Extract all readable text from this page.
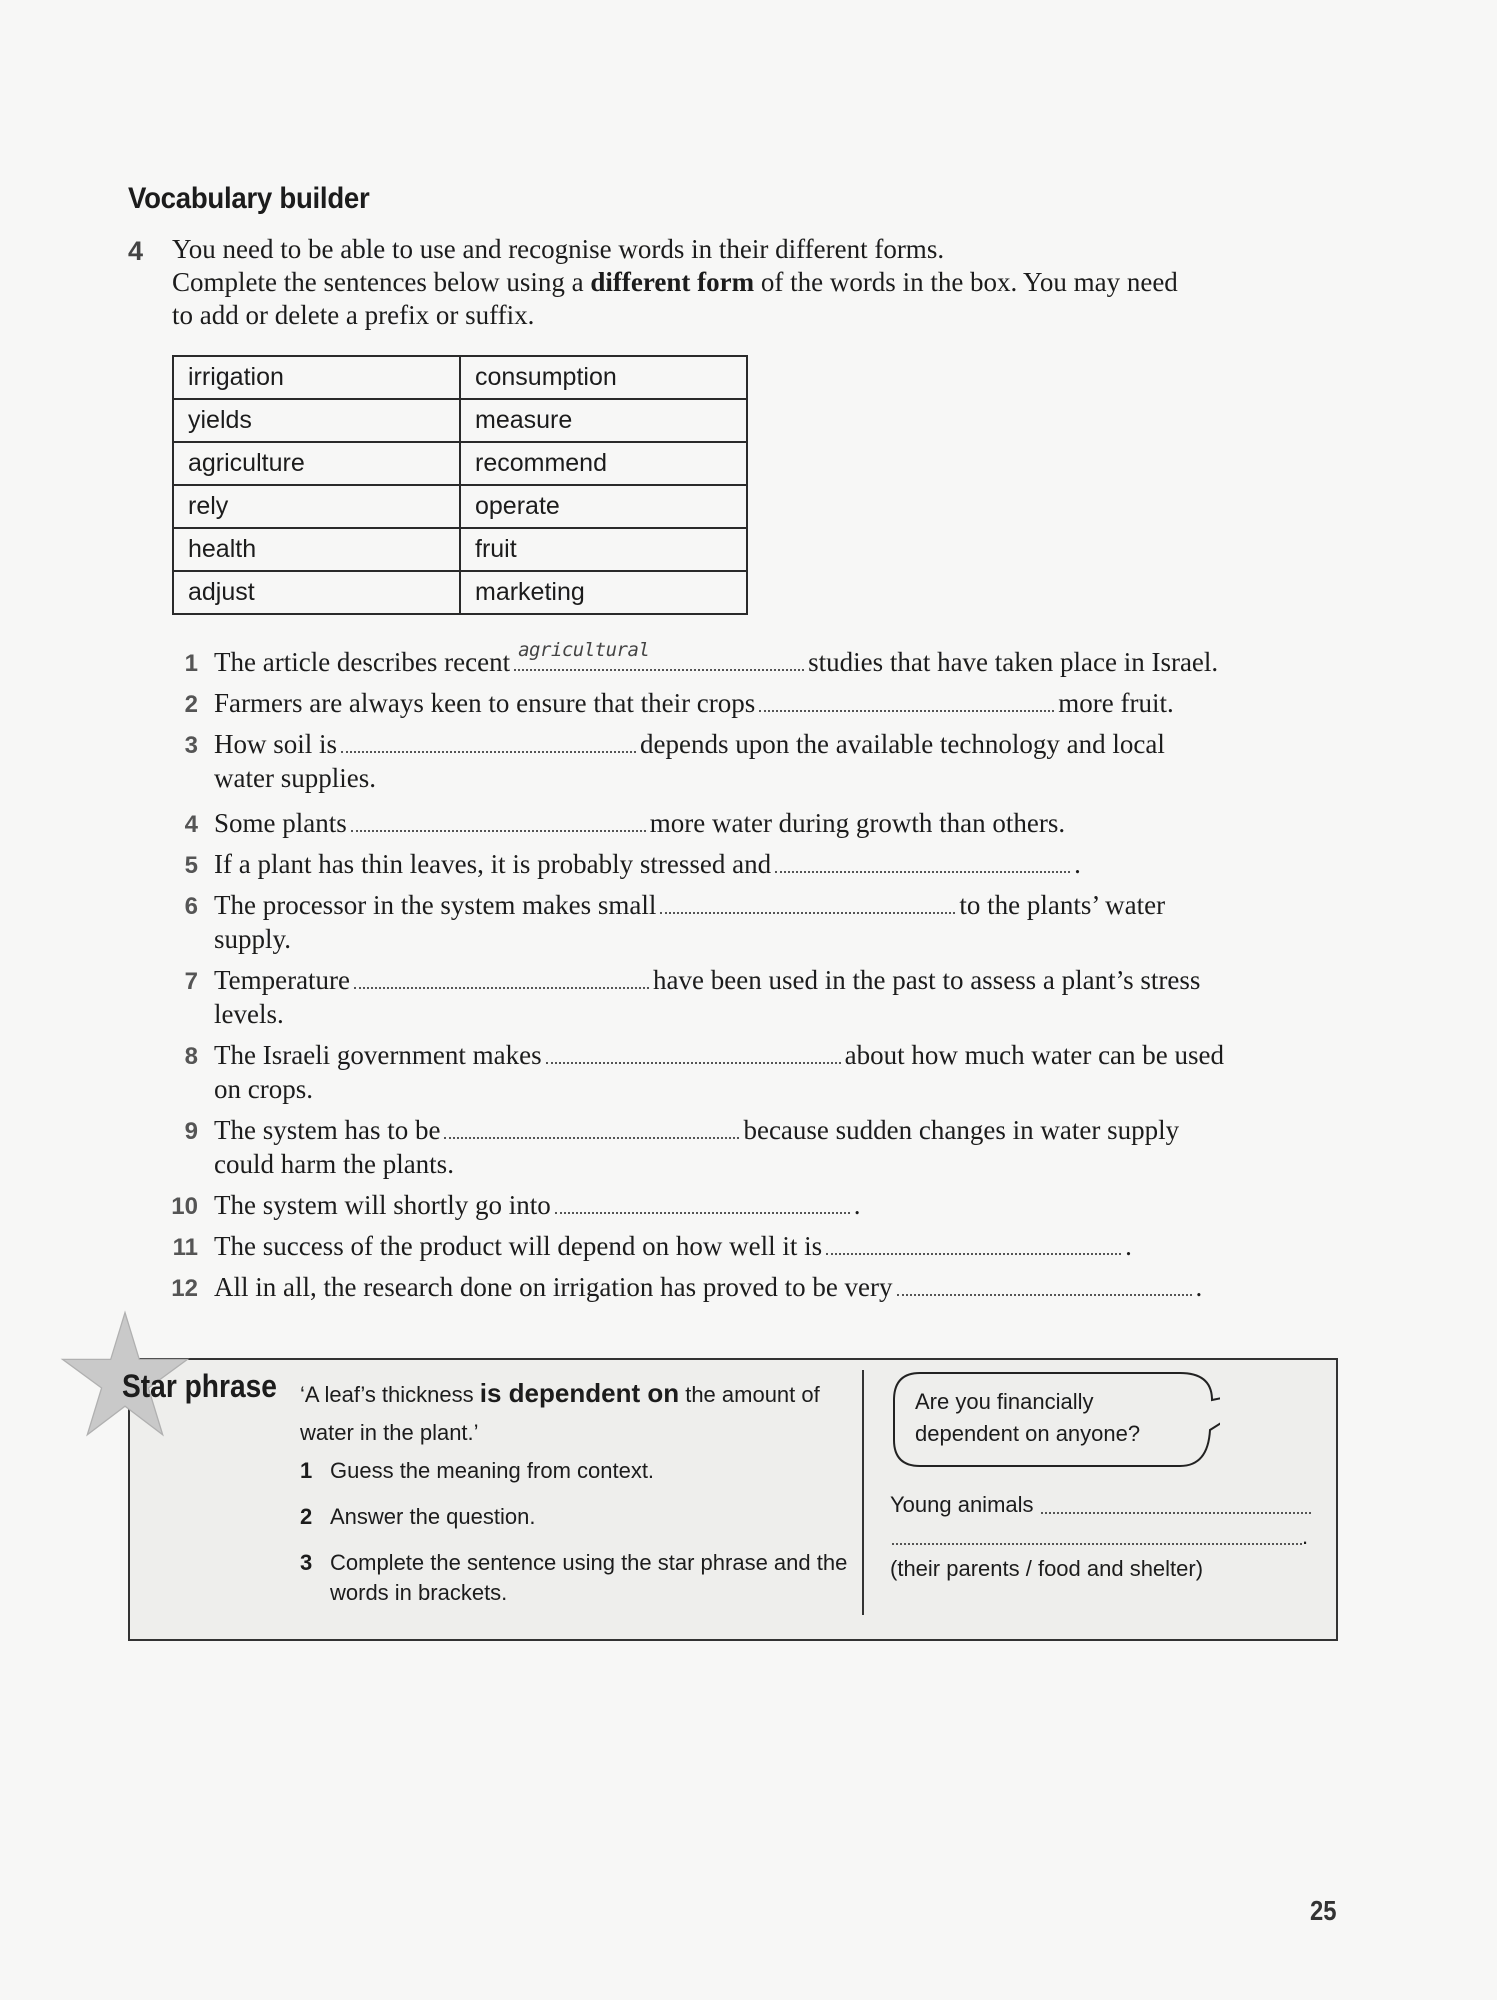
Vocabulary builder
4 You need to be able to use and recognise words in their different forms.
Complete the sentences below using a different form of the words in the box. You may need
to add or delete a prefix or suffix.
irrigation	consumption
yields	measure
agriculture	recommend
rely	operate
health	fruit
adjust	marketing
1 The article describes recent agricultural	studies that have taken place in Israel.
2 Farmers are always keen to ensure that their crops	more fruit.
3 How soil is	depends upon the available technology and local
water supplies.
4 Some plants	more water during growth than others.
5 If a plant has thin leaves, it is probably stressed and	.
6 The processor in the system makes small	to the plants’ water
supply.
7 Temperature	have been used in the past to assess a plant’s stress
levels.
8 The Israeli government makes	about how much water can be used
on crops.
9 The system has to be	because sudden changes in water supply
could harm the plants.
10 The system will shortly go into	.
11 The success of the product will depend on how well it is	.
12 All in all, the research done on irrigation has proved to be very	.
Star phrase ‘A leaf’s thickness is dependent on the amount of water in the plant.’
1 Guess the meaning from context.
2 Answer the question.
3 Complete the sentence using the star phrase and the words in brackets.
Are you financially dependent on anyone?
Young animals
.
(their parents / food and shelter)
25
